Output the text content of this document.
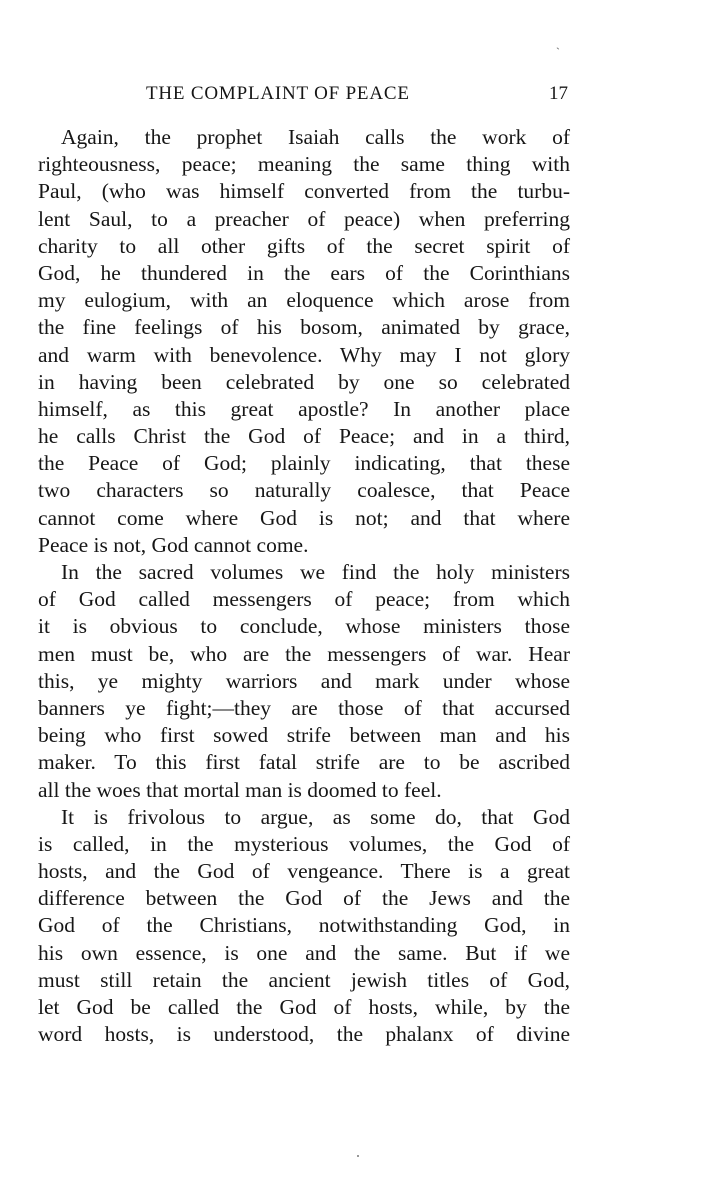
ˏ
THE COMPLAINT OF PEACE	17
Again, the prophet Isaiah calls the work of
righteousness, peace; meaning the same thing with
Paul, (who was himself converted from the turbu-
lent Saul, to a preacher of peace) when preferring
charity to all other gifts of the secret spirit of
God, he thundered in the ears of the Corinthians
my eulogium, with an eloquence which arose from
the fine feelings of his bosom, animated by grace,
and warm with benevolence. Why may I not glory
in having been celebrated by one so celebrated
himself, as this great apostle? In another place
he calls Christ the God of Peace; and in a third,
the Peace of God; plainly indicating, that these
two characters so naturally coalesce, that Peace
cannot come where God is not; and that where
Peace is not, God cannot come.
In the sacred volumes we find the holy ministers
of God called messengers of peace; from which
it is obvious to conclude, whose ministers those
men must be, who are the messengers of war. Hear
this, ye mighty warriors and mark under whose
banners ye fight;—they are those of that accursed
being who first sowed strife between man and his
maker. To this first fatal strife are to be ascribed
all the woes that mortal man is doomed to feel.
It is frivolous to argue, as some do, that God
is called, in the mysterious volumes, the God of
hosts, and the God of vengeance. There is a great
difference between the God of the Jews and the
God of the Christians, notwithstanding God, in
his own essence, is one and the same. But if we
must still retain the ancient jewish titles of God,
let God be called the God of hosts, while, by the
word hosts, is understood, the phalanx of divine
